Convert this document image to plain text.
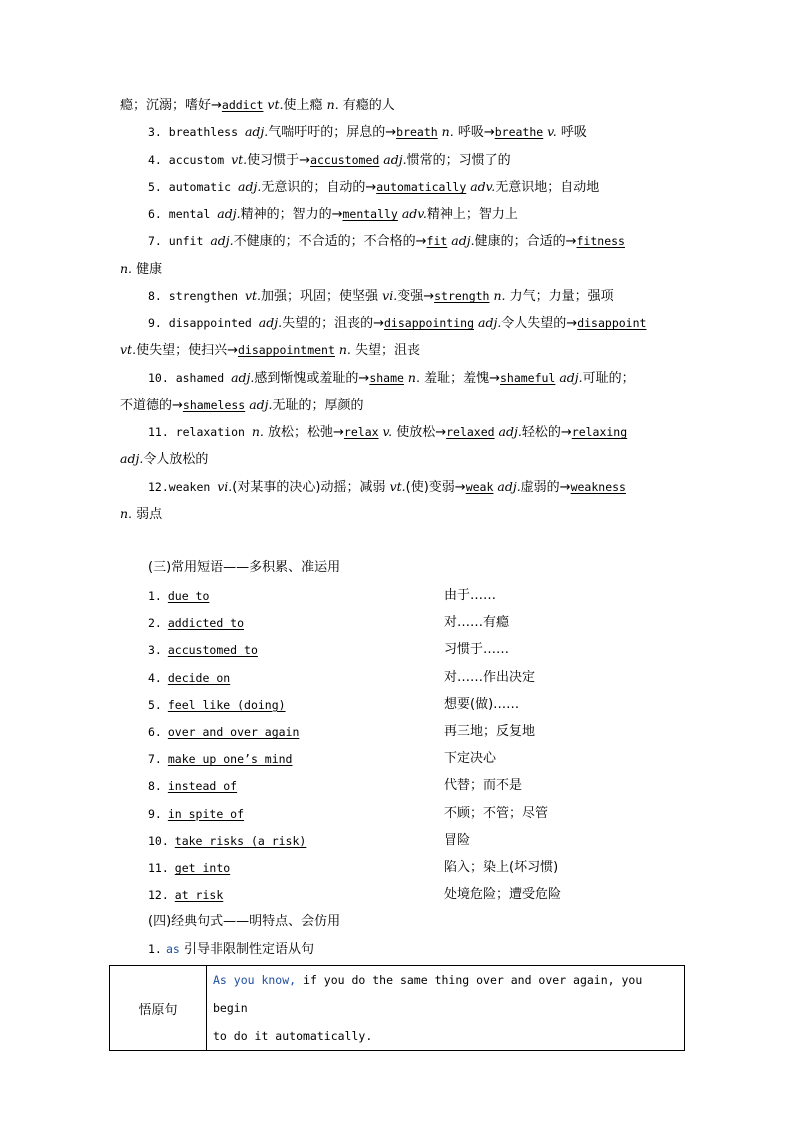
瘾；沉溺；嗜好→addict vt.使上瘾 n. 有瘾的人
3. breathless adj.气喘吁吁的；屏息的→breath n. 呼吸→breathe v. 呼吸
4. accustom vt.使习惯于→accustomed adj.惯常的；习惯了的
5. automatic adj.无意识的；自动的→automatically adv.无意识地；自动地
6. mental adj.精神的；智力的→mentally adv.精神上；智力上
7. unfit adj.不健康的；不合适的；不合格的→fit adj.健康的；合适的→fitness
n. 健康
8. strengthen vt.加强；巩固；使坚强 vi.变强→strength n. 力气；力量；强项
9. disappointed adj.失望的；沮丧的→disappointing adj.令人失望的→disappoint
vt.使失望；使扫兴→disappointment n. 失望；沮丧
10. ashamed adj.感到惭愧或羞耻的→shame n. 羞耻；羞愧→shameful adj.可耻的；
不道德的→shameless adj.无耻的；厚颜的
11. relaxation n. 放松；松弛→relax v. 使放松→relaxed adj.轻松的→relaxing
adj.令人放松的
12.weaken vi.(对某事的决心)动摇；减弱 vt.(使)变弱→weak adj.虚弱的→weakness
n. 弱点
(三)常用短语——多积累、准运用
1. due to	由于……
2. addicted to	对……有瘾
3. accustomed to	习惯于……
4. decide on	对……作出决定
5. feel like (doing)	想要(做)……
6. over and over again	再三地；反复地
7. make up one’s mind	下定决心
8. instead of	代替；而不是
9. in spite of	不顾；不管；尽管
10. take risks (a risk)	冒险
11. get into	陷入；染上(坏习惯)
12. at risk	处境危险；遭受危险
(四)经典句式——明特点、会仿用
1. as 引导非限制性定语从句
悟原句	
As you know, if you do the same thing over and over again, you begin
to do it automatically.
